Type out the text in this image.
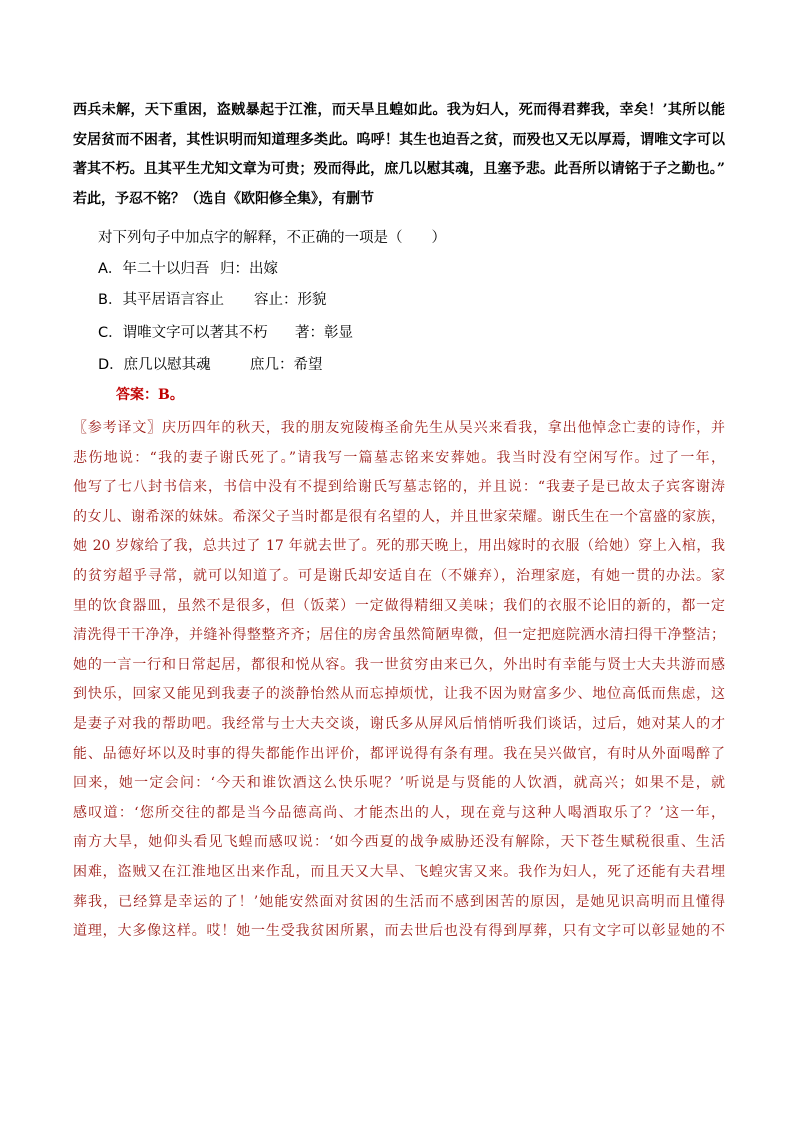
西兵未解，天下重困，盗贼暴起于江淮，而天旱且蝗如此。我为妇人，死而得君葬我，幸矣！’其所以能
安居贫而不困者，其性识明而知道理多类此。呜呼！其生也迫吾之贫，而殁也又无以厚焉，谓唯文字可以
著其不朽。且其平生尤知文章为可贵；殁而得此，庶几以慰其魂，且塞予悲。此吾所以请铭于子之勤也。”
若此，予忍不铭？（选自《欧阳修全集》，有删节
对下列句子中加点字的解释，不正确的一项是（　　）
A．年二十以归吾 归：出嫁
B．其平居语言容止 容止：形貌
C．谓唯文字可以著其不朽 著：彰显
D．庶几以慰其魂	庶几：希望
答案：B。
〖参考译文〗庆历四年的秋天，我的朋友宛陵梅圣俞先生从吴兴来看我，拿出他悼念亡妻的诗作，并
悲伤地说：“我的妻子谢氏死了。”请我写一篇墓志铭来安葬她。我当时没有空闲写作。过了一年，
他写了七八封书信来，书信中没有不提到给谢氏写墓志铭的，并且说：“我妻子是已故太子宾客谢涛
的女儿、谢希深的妹妹。希深父子当时都是很有名望的人，并且世家荣耀。谢氏生在一个富盛的家族，
她 20 岁嫁给了我，总共过了 17 年就去世了。死的那天晚上，用出嫁时的衣服（给她）穿上入棺，我
的贫穷超乎寻常，就可以知道了。可是谢氏却安适自在（不嫌弃），治理家庭，有她一贯的办法。家
里的饮食器皿，虽然不是很多，但（饭菜）一定做得精细又美味；我们的衣服不论旧的新的，都一定
清洗得干干净净，并缝补得整整齐齐；居住的房舍虽然简陋卑微，但一定把庭院洒水清扫得干净整洁；
她的一言一行和日常起居，都很和悦从容。我一世贫穷由来已久，外出时有幸能与贤士大夫共游而感
到快乐，回家又能见到我妻子的淡静怡然从而忘掉烦忧，让我不因为财富多少、地位高低而焦虑，这
是妻子对我的帮助吧。我经常与士大夫交谈，谢氏多从屏风后悄悄听我们谈话，过后，她对某人的才
能、品德好坏以及时事的得失都能作出评价，都评说得有条有理。我在吴兴做官，有时从外面喝醉了
回来，她一定会问：‘今天和谁饮酒这么快乐呢？’听说是与贤能的人饮酒，就高兴；如果不是，就
感叹道：‘您所交往的都是当今品德高尚、才能杰出的人，现在竟与这种人喝酒取乐了？’这一年，
南方大旱，她仰头看见飞蝗而感叹说：‘如今西夏的战争威胁还没有解除，天下苍生赋税很重、生活
困难，盗贼又在江淮地区出来作乱，而且天又大旱、飞蝗灾害又来。我作为妇人，死了还能有夫君埋
葬我，已经算是幸运的了！’她能安然面对贫困的生活而不感到困苦的原因，是她见识高明而且懂得
道理，大多像这样。哎！她一生受我贫困所累，而去世后也没有得到厚葬，只有文字可以彰显她的不
